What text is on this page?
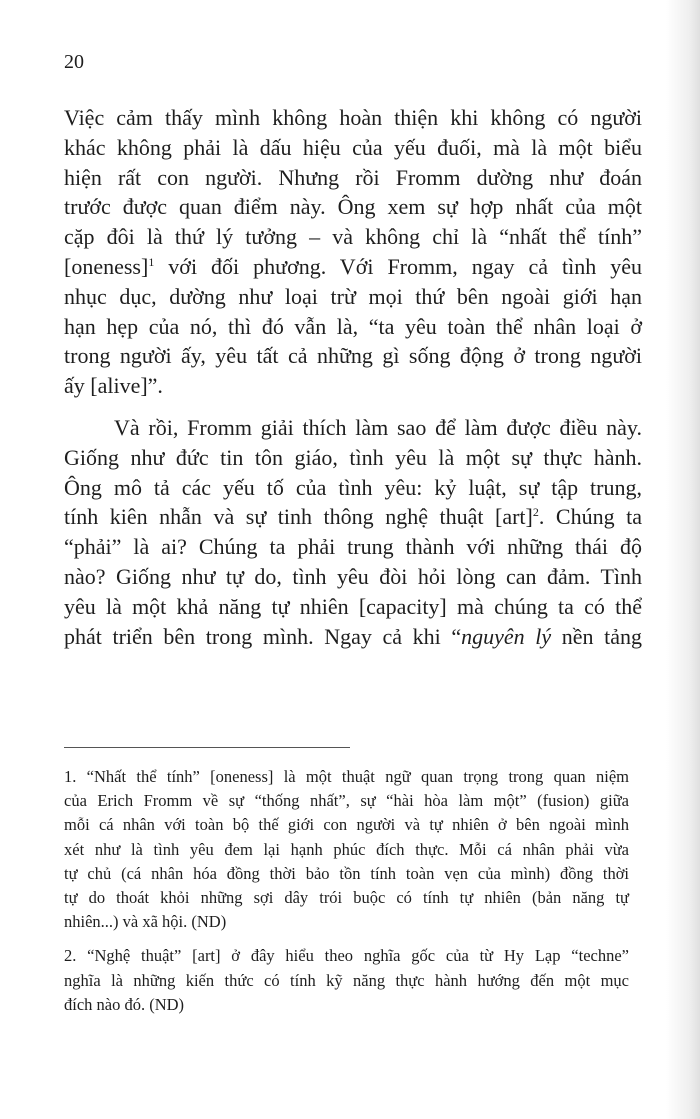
20

Việc cảm thấy mình không hoàn thiện khi không có người
khác không phải là dấu hiệu của yếu đuối, mà là một biểu
hiện rất con người. Nhưng rồi Fromm dường như đoán
trước được quan điểm này. Ông xem sự hợp nhất của một
cặp đôi là thứ lý tưởng – và không chỉ là “nhất thể tính”
[oneness]$^1$ với đối phương. Với Fromm, ngay cả tình yêu
nhục dục, dường như loại trừ mọi thứ bên ngoài giới hạn
hạn hẹp của nó, thì đó vẫn là, “ta yêu toàn thể nhân loại ở
trong người ấy, yêu tất cả những gì sống động ở trong người
ấy [alive]”.

Và rồi, Fromm giải thích làm sao để làm được điều này.
Giống như đức tin tôn giáo, tình yêu là một sự thực hành.
Ông mô tả các yếu tố của tình yêu: kỷ luật, sự tập trung,
tính kiên nhẫn và sự tinh thông nghệ thuật [art]$^2$. Chúng ta
“phải” là ai? Chúng ta phải trung thành với những thái độ
nào? Giống như tự do, tình yêu đòi hỏi lòng can đảm. Tình
yêu là một khả năng tự nhiên [capacity] mà chúng ta có thể
phát triển bên trong mình. Ngay cả khi “nguyên lý nền tảng

1. “Nhất thể tính” [oneness] là một thuật ngữ quan trọng trong quan niệm
của Erich Fromm về sự “thống nhất”, sự “hài hòa làm một” (fusion) giữa
mỗi cá nhân với toàn bộ thế giới con người và tự nhiên ở bên ngoài mình
xét như là tình yêu đem lại hạnh phúc đích thực. Mỗi cá nhân phải vừa
tự chủ (cá nhân hóa đồng thời bảo tồn tính toàn vẹn của mình) đồng thời
tự do thoát khỏi những sợi dây trói buộc có tính tự nhiên (bản năng tự
nhiên...) và xã hội. (ND)

2. “Nghệ thuật” [art] ở đây hiểu theo nghĩa gốc của từ Hy Lạp “techne”
nghĩa là những kiến thức có tính kỹ năng thực hành hướng đến một mục
đích nào đó. (ND)
